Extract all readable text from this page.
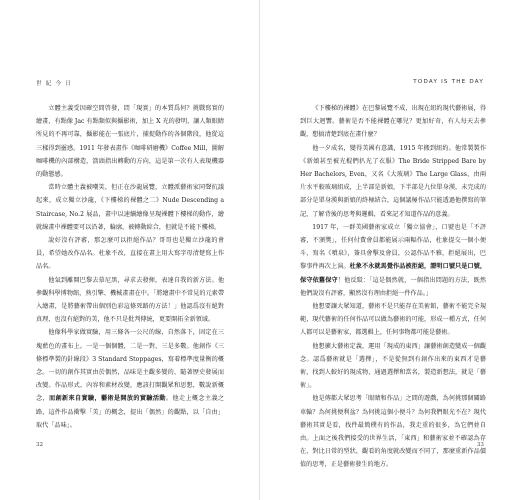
世 紀 今 日

立體主義受因確空間啓發，問「現實」的本質爲何？挑戰寫實的繪畫，有點像 Jac 有點類似與攝影術，加上 X 光的發明，讓人類眼睛所見的不再可靠，攝影能在一張底片，捕捉動作的各個階段，他從這三樣得到靈感。1911 年發表畫作《咖啡研磨機》Coffee Mill，圖解咖啡機的內部構造，箭頭指出轉動的方向，這是第一次有人表現機器的動態感。

當時立體主義被嘲笑，但正在沙龍展覽，立體派藝術家同聲抗議起來，成立獨立沙龍，《下樓梯的裸體之二》Nude Descending a Staircase, No.2 展品，畫中以速續繪像呈現裸體下樓梯的動作，繪就線畫中裸體要可以沿著，輪廓，被轉動綜合，但就是不能下樓梯。

說好沒有評審，那怎麼可以拒絕作品？哥哥也是獨立沙龍的會員，希望她改作品名。杜象不改，直接在畫上用大寫字母清楚寫上作品名。

他氣到離開巴黎去慕尼黑，尋求去發揮，表達自我的新方法。他參觀科學博物館，熟引擎、機械畫畫在中。「將繪畫中不常見的元素帶入繪畫，是將藝術帶出個別色彩這條死路的方法！」他認爲沒有絕對真理，也沒有絕對的美，他不只是批判傳統，更要開拓全新領域。

他像科學家做實驗，用三條各一公尺的線，自然落下，固定在三塊藍色的畫布上。一是一個個體，二是一對，三是多數。他創作《三條標準製的針線段》3 Standard Stoppages，寫着標準度量衡的概念。一切的創作其實由於偶然，品味是主觀多變的，隨著歷史發展而改變。作品形式、內容和素材改變，應該打開觀眾和思想，數說新概念，而創新來自實驗，藝術是開放的實驗活動。他走上概念主義之路，這件作品衝擊「美」的概念，提出「偶然」的觀點，以「自由」取代「品味」。

32
TODAY IS THE DAY

《下樓梯的裸體》在巴黎展覽不成，出現在紐約現代藝術展，得到巨大迴響。藝術是否不能裸體在哪兒？更加好奇，有人每天去參觀，想搞清楚到底在畫什麼？

他一夕成名，變得美國有意識，1915 年搬到紐約。他常製製作《新娘甚至被光棍們扒光了衣服》The Bride Stripped Bare by Her Bachelors, Even，又名《大玻璃》The Large Glass，由兩片水平較玻璃組成，上半部是新娘，下半部是九位單身漢，未完成的部分是單身漢與新娘的終極結合，這個議極作品只能透過他撰寫的筆記，了解背後的思考與邏輯，看來記才知道作品的意義。

1917 年，一群美國藝術家成立「獨立協會」，口號也是「不評審，不頒獎」，任何付費會員都能展示兩幅作品，杜象提交一個小便斗，寫名《噴泉》，簽具會擊及會員，公認作品不雅，拒絕展出，巴黎事件再次上演。杜象不永就馬覺作品被拒絕，證明口號只是口號，保守依舊保守！他反駁：「這是偶然就，一個指出問題的方法，既然他們說沒有評審，顯然沒有理由拒絕一件作品。」

他想要讓大眾知道，藝術不是只能存在美術館，藝術不能完全規範，現代藝術的任何作品可以做為藝術的可能，形成一種方式，任何人都可以是藝術家，都選輯上，任何事物都可能是藝術。

他想擴大藝術定義，運用「現成的東西」讓藝術創造變成一個觀念。認爲藝術就是「選擇」，不是從無到有創作出來的東西才是藝術，找到人較好的現成物，通過選擇和當名，製造新想法，就是「藝術」。

他是傳都大眾思考「眼睛和作品」之間的遊戲，為何挑那個關路車輪？為何挑便利盆？為何挑這個小便斗？為何我們眼光不在？現代藝術其實是看，找件最簡樸有的作品，我走重的很多，為它們並自由。上面之後我們接受的世界生活，「東西」和藝術家並不確認為存在，對比日常的型狀，觀看的角度就改變而不同了，那麼重新作品價值的思考，正是藝術發生的地方。

33
